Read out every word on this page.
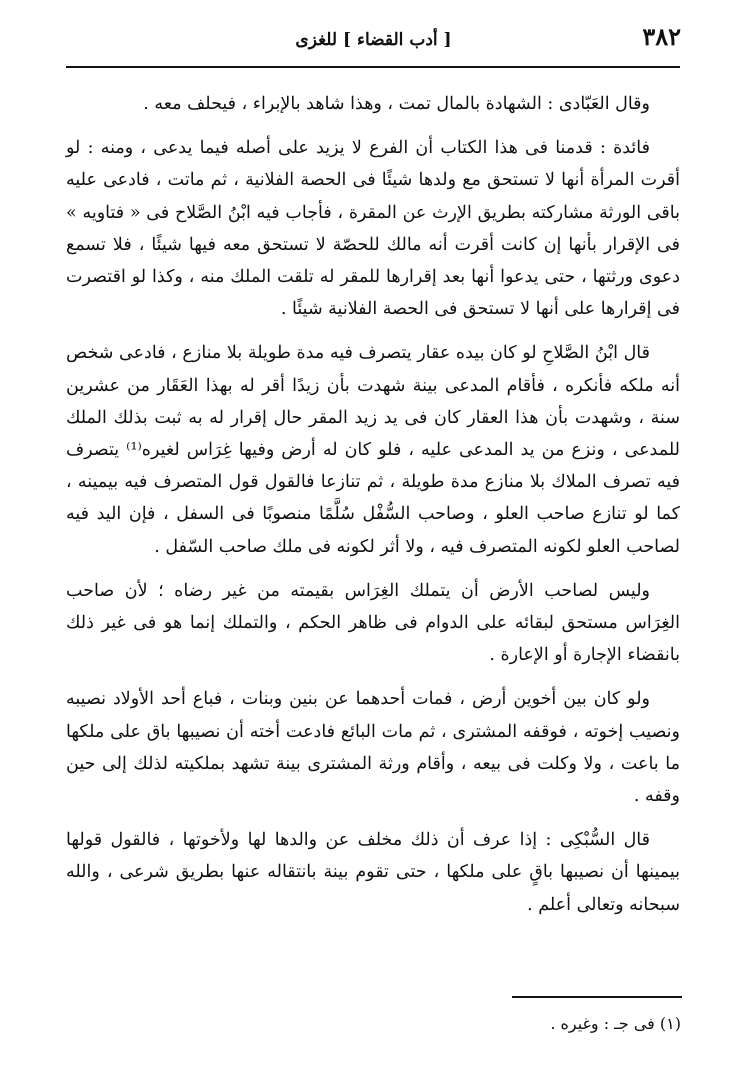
٣٨٢
[ أدب القضاء ] للغزى

وقال العَبّادى : الشهادة بالمال تمت ، وهذا شاهد بالإبراء ، فيحلف معه .

فائدة : قدمنا فى هذا الكتاب أن الفرع لا يزيد على أصله فيما يدعى ، ومنه : لو أقرت المرأة أنها لا تستحق مع ولدها شيئًا فى الحصة الفلانية ، ثم ماتت ، فادعى عليه باقى الورثة مشاركته بطريق الإرث عن المقرة ، فأجاب فيه ابْنُ الصَّلاح فى « فتاويه » فى الإقرار بأنها إن كانت أقرت أنه مالك للحصّة لا تستحق معه فيها شيئًا ، فلا تسمع دعوى ورثتها ، حتى يدعوا أنها بعد إقرارها للمقر له تلقت الملك منه ، وكذا لو اقتصرت فى إقرارها على أنها لا تستحق فى الحصة الفلانية شيئًا .

قال ابْنُ الصَّلاحِ لو كان بيده عقار يتصرف فيه مدة طويلة بلا منازع ، فادعى شخص أنه ملكه فأنكره ، فأقام المدعى بينة شهدت بأن زيدًا أقر له بهذا العَقَار من عشرين سنة ، وشهدت بأن هذا العقار كان فى يد زيد المقر حال إقرار له به ثبت بذلك الملك للمدعى ، ونزع من يد المدعى عليه ، فلو كان له أرض وفيها غِرَاس لغيره⁽¹⁾ يتصرف فيه تصرف الملاك بلا منازع مدة طويلة ، ثم تنازعا فالقول قول المتصرف فيه بيمينه ، كما لو تنازع صاحب العلو ، وصاحب السُّفْل سُلَّمًا منصوبًا فى السفل ، فإن اليد فيه لصاحب العلو لكونه المتصرف فيه ، ولا أثر لكونه فى ملك صاحب السّفل .

وليس لصاحب الأرض أن يتملك الغِرَاس بقيمته من غير رضاه ؛ لأن صاحب الغِرَاس مستحق لبقائه على الدوام فى ظاهر الحكم ، والتملك إنما هو فى غير ذلك بانقضاء الإجارة أو الإعارة .

ولو كان بين أخوين أرض ، فمات أحدهما عن بنين وبنات ، فباع أحد الأولاد نصيبه ونصيب إخوته ، فوقفه المشترى ، ثم مات البائع فادعت أخته أن نصيبها باق على ملكها ما باعت ، ولا وكلت فى بيعه ، وأقام ورثة المشترى بينة تشهد بملكيته لذلك إلى حين وقفه .

قال السُّبْكِى : إذا عرف أن ذلك مخلف عن والدها لها ولأخوتها ، فالقول قولها بيمينها أن نصيبها باقٍ على ملكها ، حتى تقوم بينة بانتقاله عنها بطريق شرعى ، والله سبحانه وتعالى أعلم .

(١) فى جـ : وغيره .
